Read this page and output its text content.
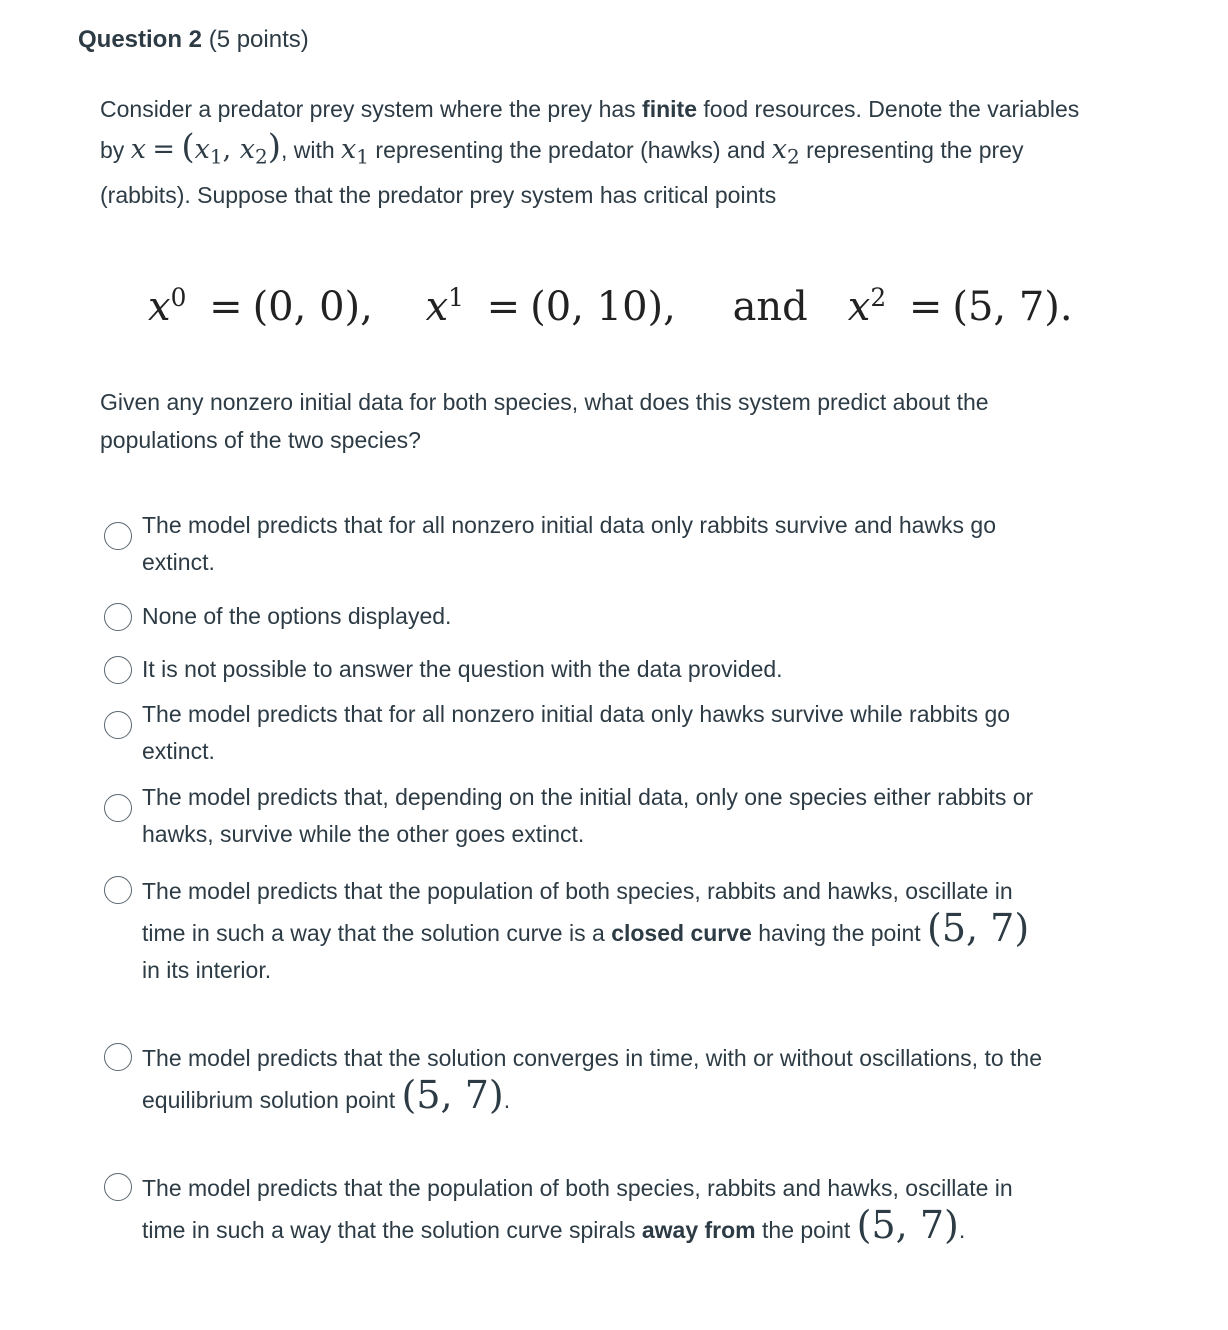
Question 2 (5 points)
Consider a predator prey system where the prey has finite food resources. Denote the variables by $x = (x_1$, $x_2$), with $x_1$ representing the predator (hawks) and $x_2$ representing the prey (rabbits). Suppose that the predator prey system has critical points
x0 = (0, 0), x1 = (0, 10), and x2 = (5, 7).
Given any nonzero initial data for both species, what does this system predict about the populations of the two species?
The model predicts that for all nonzero initial data only rabbits survive and hawks go extinct.
None of the options displayed.
It is not possible to answer the question with the data provided.
The model predicts that for all nonzero initial data only hawks survive while rabbits go extinct.
The model predicts that, depending on the initial data, only one species either rabbits or hawks, survive while the other goes extinct.
The model predicts that the population of both species, rabbits and hawks, oscillate in time in such a way that the solution curve is a closed curve having the point (5, 7) in its interior.
The model predicts that the solution converges in time, with or without oscillations, to the equilibrium solution point (5, 7).
The model predicts that the population of both species, rabbits and hawks, oscillate in time in such a way that the solution curve spirals away from the point (5, 7).
